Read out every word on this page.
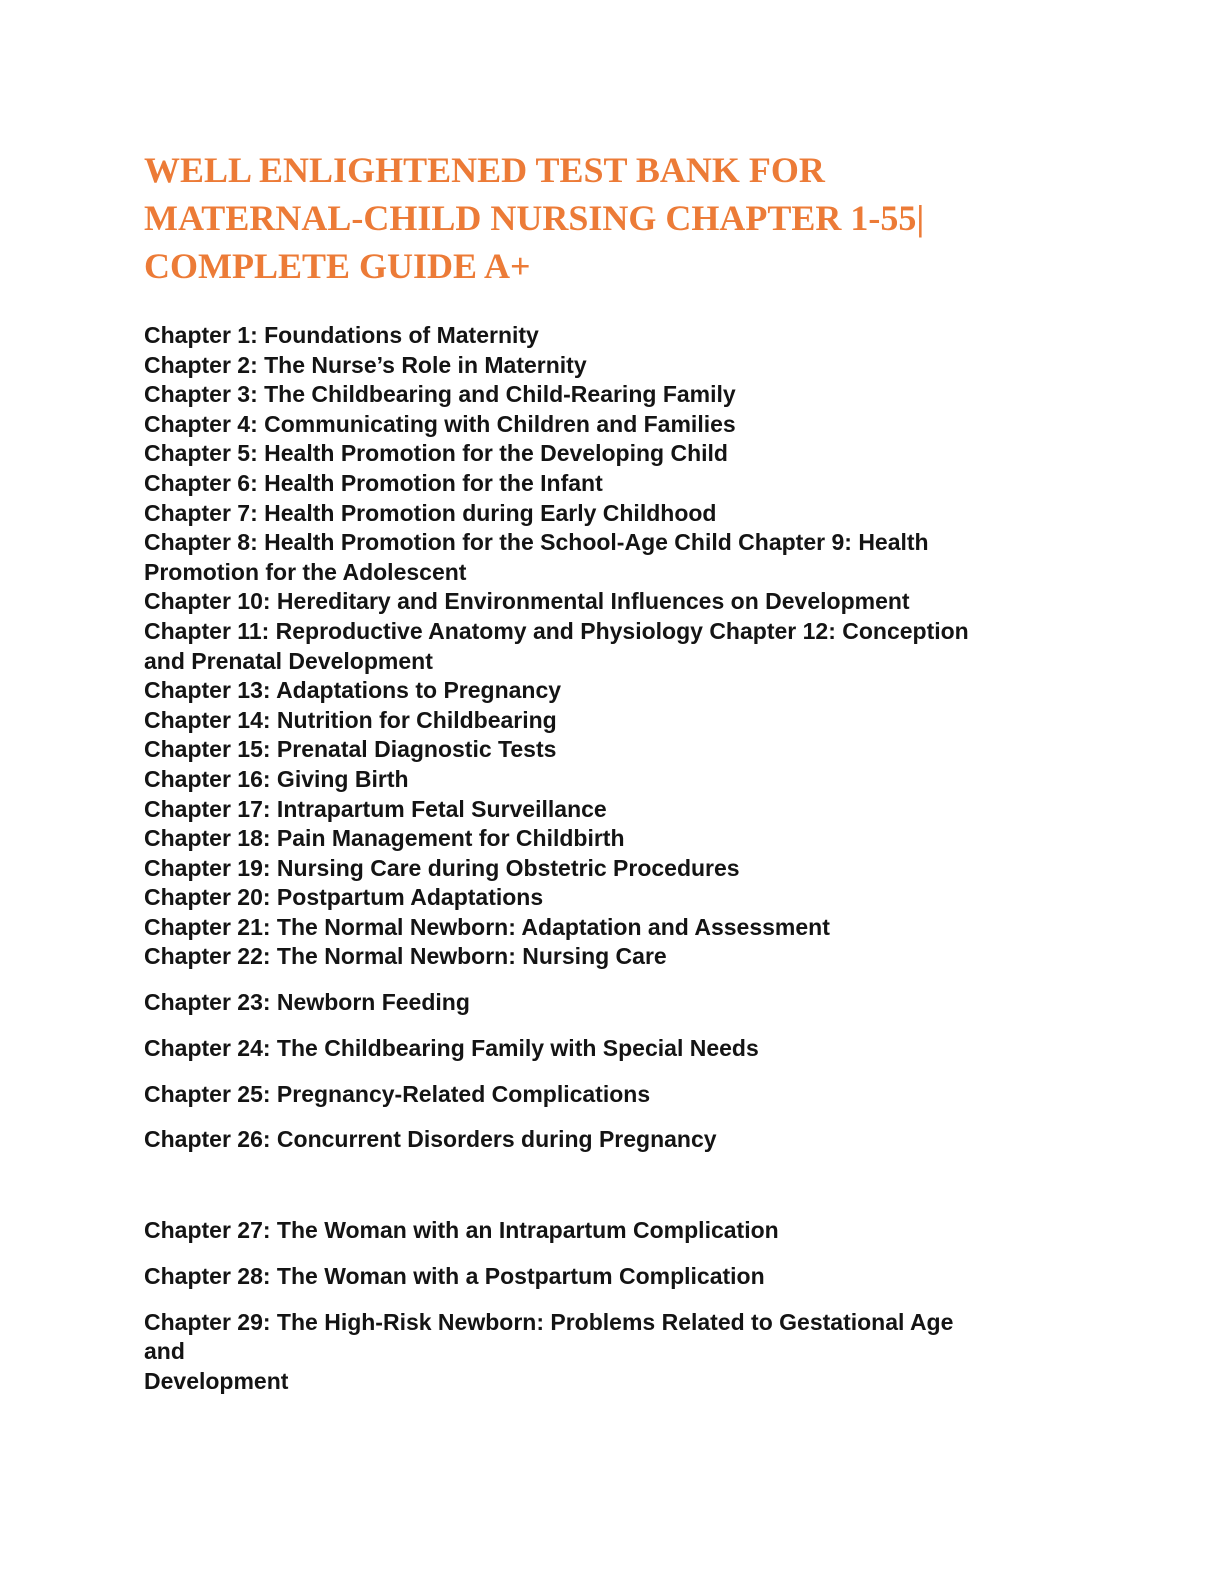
WELL ENLIGHTENED TEST BANK FOR
MATERNAL-CHILD NURSING CHAPTER 1-55|
COMPLETE GUIDE A+
Chapter 1: Foundations of Maternity
Chapter 2: The Nurse’s Role in Maternity
Chapter 3: The Childbearing and Child-Rearing Family
Chapter 4: Communicating with Children and Families
Chapter 5: Health Promotion for the Developing Child
Chapter 6: Health Promotion for the Infant
Chapter 7: Health Promotion during Early Childhood
Chapter 8: Health Promotion for the School-Age Child Chapter 9: Health
Promotion for the Adolescent
Chapter 10: Hereditary and Environmental Influences on Development
Chapter 11: Reproductive Anatomy and Physiology Chapter 12: Conception
and Prenatal Development
Chapter 13: Adaptations to Pregnancy
Chapter 14: Nutrition for Childbearing
Chapter 15: Prenatal Diagnostic Tests
Chapter 16: Giving Birth
Chapter 17: Intrapartum Fetal Surveillance
Chapter 18: Pain Management for Childbirth
Chapter 19: Nursing Care during Obstetric Procedures
Chapter 20: Postpartum Adaptations
Chapter 21: The Normal Newborn: Adaptation and Assessment
Chapter 22: The Normal Newborn: Nursing Care
Chapter 23: Newborn Feeding
Chapter 24: The Childbearing Family with Special Needs
Chapter 25: Pregnancy-Related Complications
Chapter 26: Concurrent Disorders during Pregnancy
Chapter 27: The Woman with an Intrapartum Complication
Chapter 28: The Woman with a Postpartum Complication
Chapter 29: The High-Risk Newborn: Problems Related to Gestational Age
and
Development
